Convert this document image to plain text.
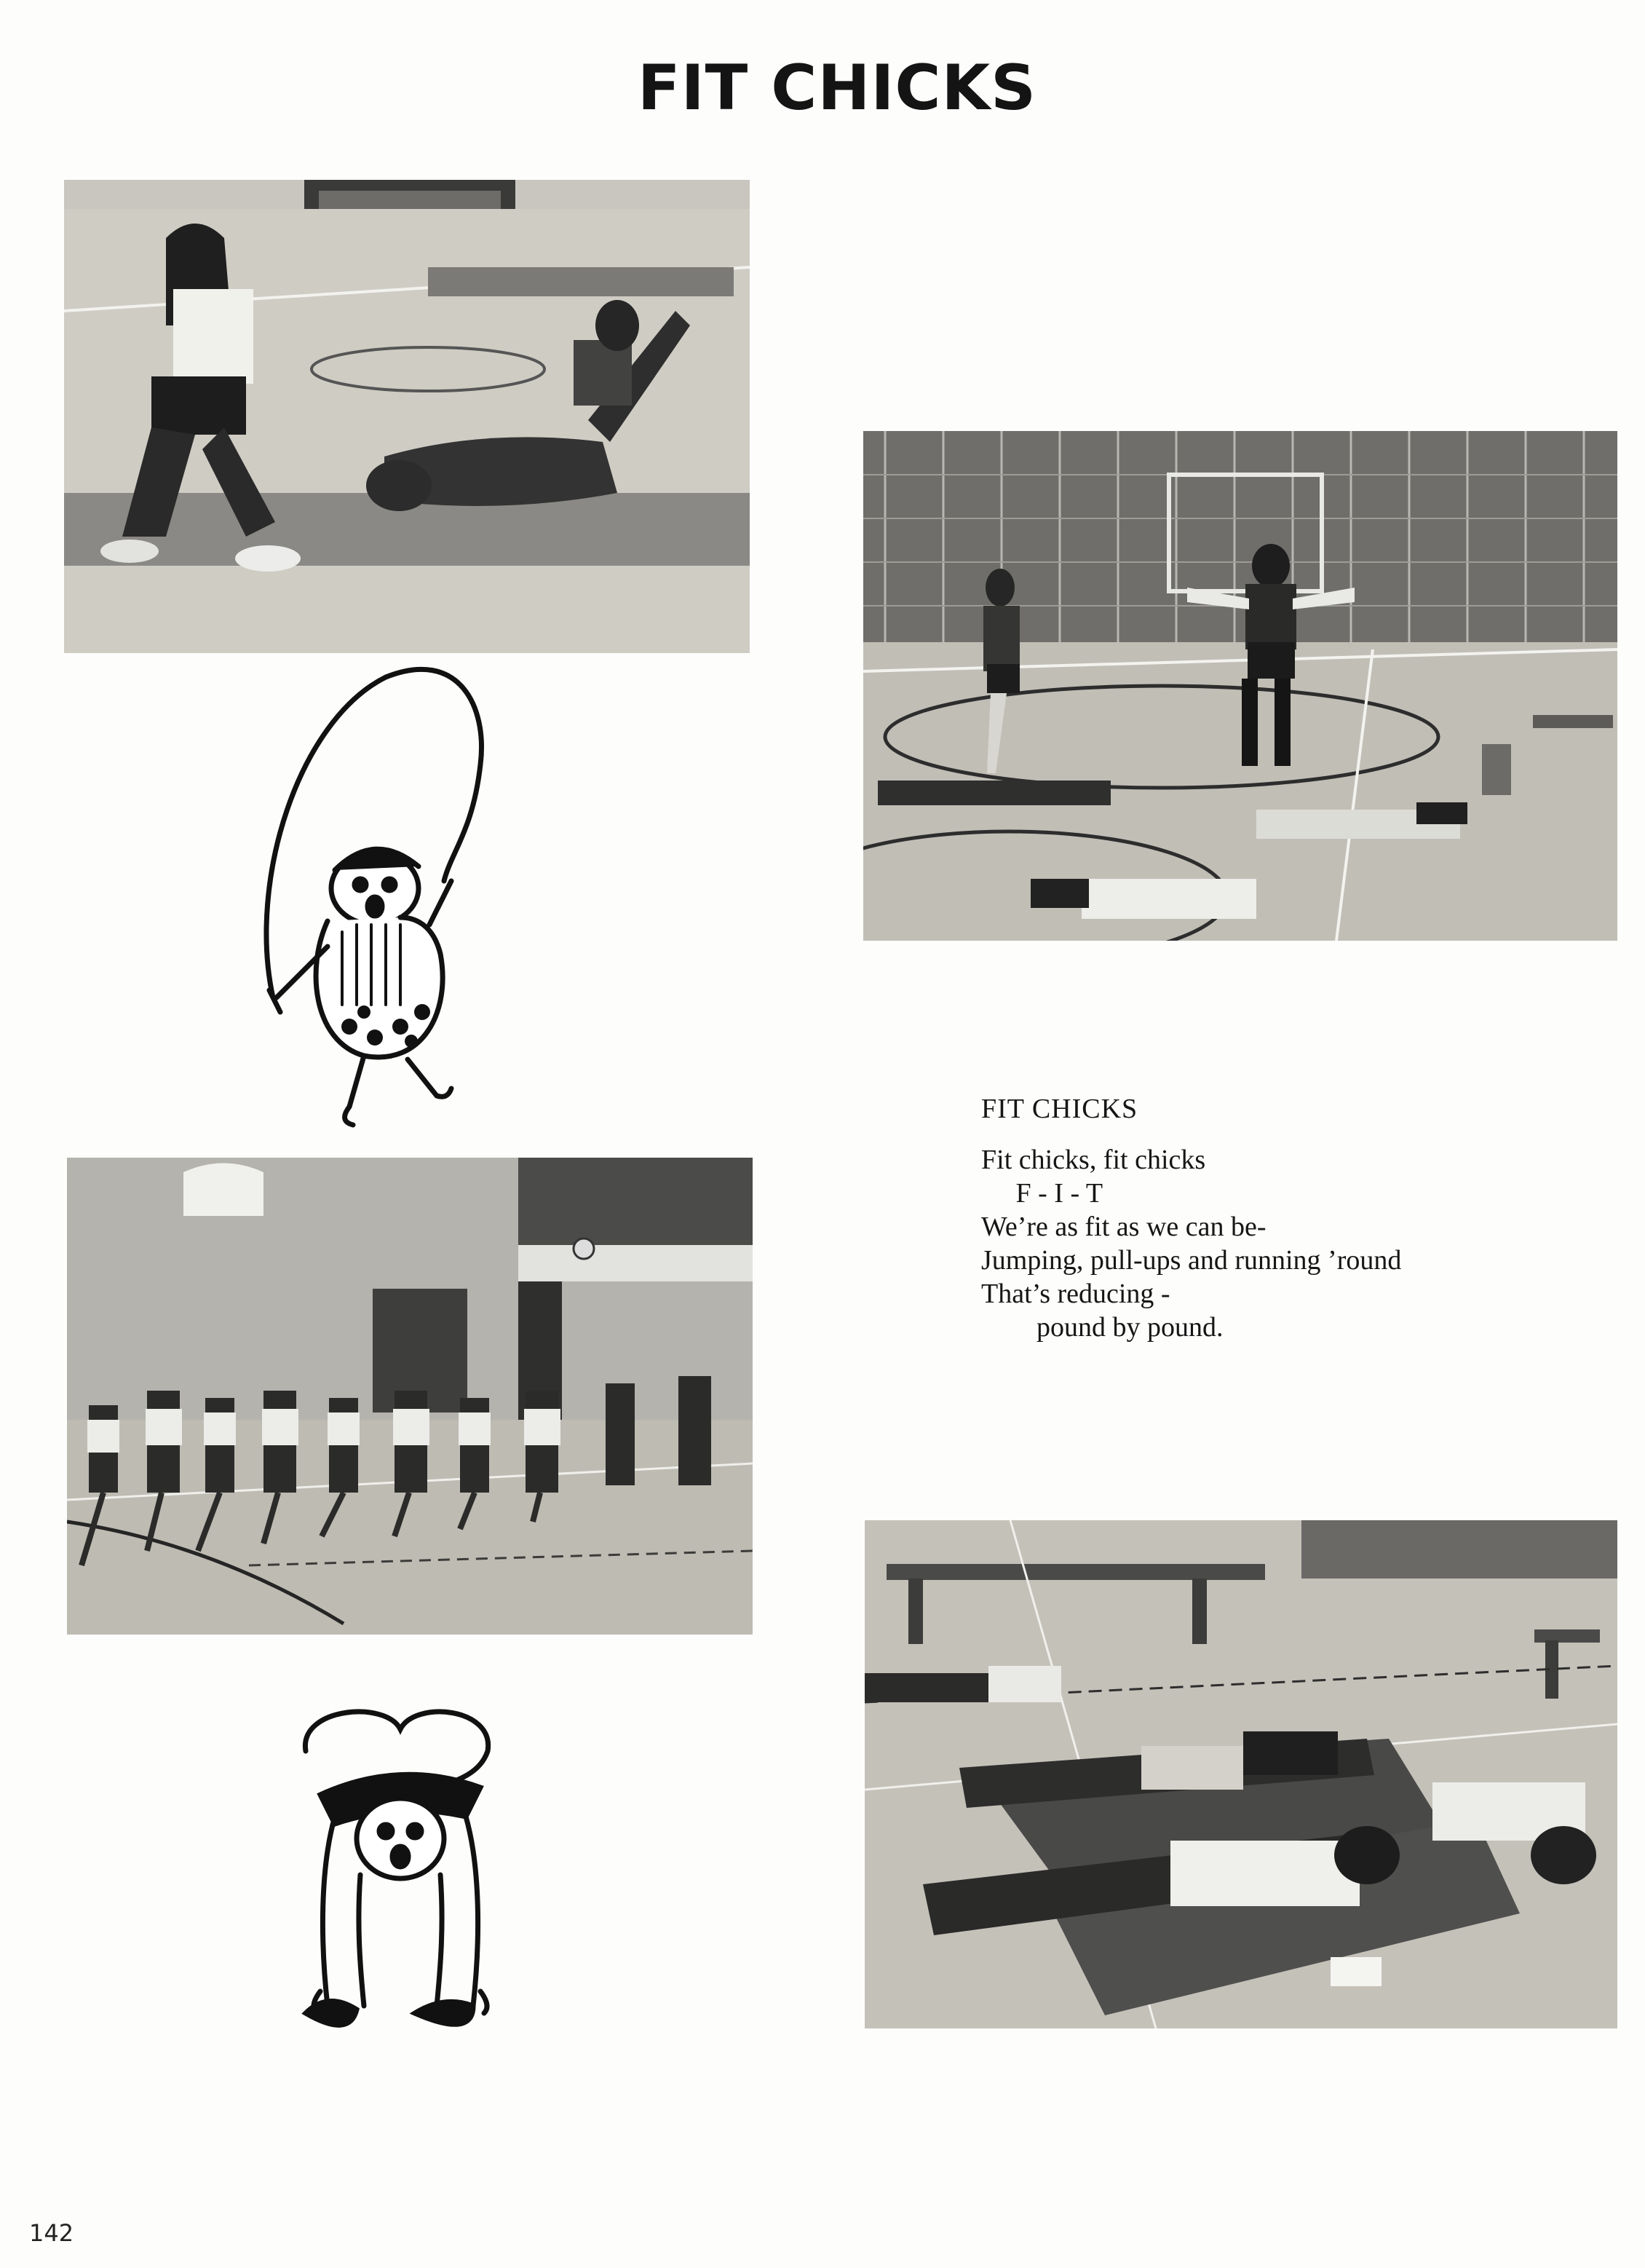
FIT CHICKS
FIT CHICKS
Fit chicks, fit chicks
F - I - T
We’re as fit as we can be-
Jumping, pull-ups and running ’round
That’s reducing -
pound by pound.
142
